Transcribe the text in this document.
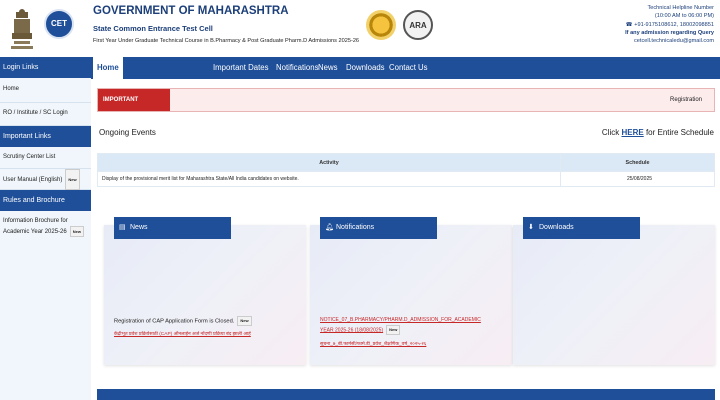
CET
GOVERNMENT OF MAHARASHTRA
State Common Entrance Test Cell
First Year Under Graduate Technical Course in B.Pharmacy & Post Graduate Pharm.D Admissions 2025-26
ARA
Technical Helpline Number
(10:00 AM to 06:00 PM)
☎ +91-9175108612, 18002098851
If any admission regarding Query
cetcell.technicaledu@gmail.com
Home	Important Dates Notifications News	Downloads Contact Us
Login Links
Home
RO / Institute / SC Login
Important Links
Scrutiny Center List
User Manual (English) New
Rules and Brochure
Information Brochure for
Academic Year 2025-26 New
IMPORTANT	Registration
Ongoing Events	Click HERE for Entire Schedule
Activity	Schedule
Display of the provisional merit list for Maharashtra State/All India candidates on website.	25/08/2025
▤ News
Registration of CAP Application Form is Closed. New
केंद्रीभूत प्रवेश प्रक्रियेसाठी (CAP) ऑनलाईन अर्ज नोंदणी प्रक्रिया बंद झाली आहे
🔔︎ Notifications
NOTICE_07_B.PHARMACY/PHARM.D_ADMISSION_FOR_ACADEMIC
YEAR 2025-26 (18/08/2025) New
सूचना_७_बी.फार्मसी/फार्म.डी_प्रवेश_शैक्षणिक_वर्ष_२०२५-२६
⬇ Downloads
